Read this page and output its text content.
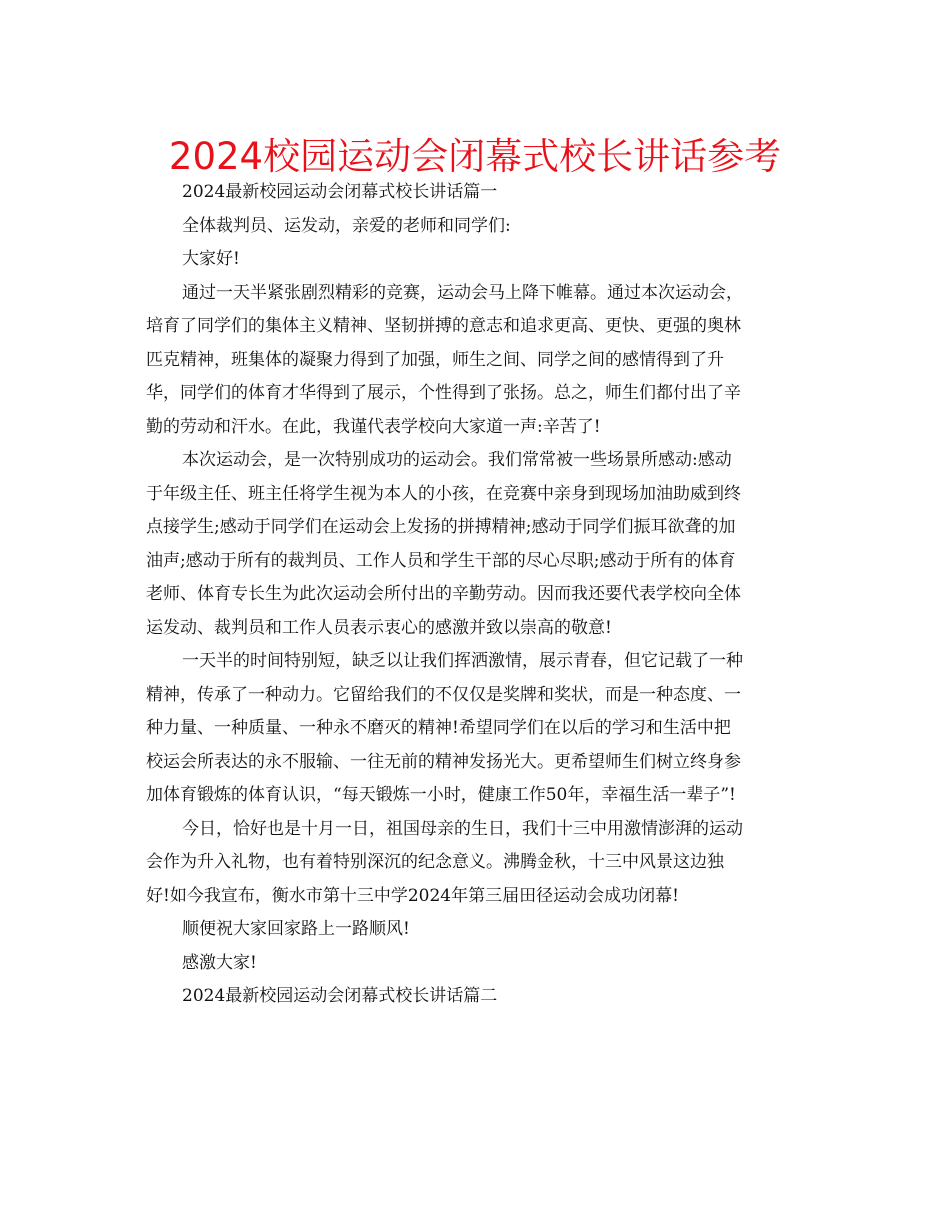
2024校园运动会闭幕式校长讲话参考

2024最新校园运动会闭幕式校长讲话篇一

全体裁判员、运发动，亲爱的老师和同学们:

大家好!

通过一天半紧张剧烈精彩的竞赛，运动会马上降下帷幕。通过本次运动会，

培育了同学们的集体主义精神、坚韧拼搏的意志和追求更高、更快、更强的奥林

匹克精神，班集体的凝聚力得到了加强，师生之间、同学之间的感情得到了升

华，同学们的体育才华得到了展示，个性得到了张扬。总之，师生们都付出了辛

勤的劳动和汗水。在此，我谨代表学校向大家道一声:辛苦了!

本次运动会，是一次特别成功的运动会。我们常常被一些场景所感动:感动

于年级主任、班主任将学生视为本人的小孩，在竞赛中亲身到现场加油助威到终

点接学生;感动于同学们在运动会上发扬的拼搏精神;感动于同学们振耳欲聋的加

油声;感动于所有的裁判员、工作人员和学生干部的尽心尽职;感动于所有的体育

老师、体育专长生为此次运动会所付出的辛勤劳动。因而我还要代表学校向全体

运发动、裁判员和工作人员表示衷心的感激并致以崇高的敬意!

一天半的时间特别短，缺乏以让我们挥洒激情，展示青春，但它记载了一种

精神，传承了一种动力。它留给我们的不仅仅是奖牌和奖状，而是一种态度、一

种力量、一种质量、一种永不磨灭的精神!希望同学们在以后的学习和生活中把

校运会所表达的永不服输、一往无前的精神发扬光大。更希望师生们树立终身参

加体育锻炼的体育认识，“每天锻炼一小时，健康工作50年，幸福生活一辈子”!

今日，恰好也是十月一日，祖国母亲的生日，我们十三中用激情澎湃的运动

会作为升入礼物，也有着特别深沉的纪念意义。沸腾金秋，十三中风景这边独

好!如今我宣布，衡水市第十三中学2024年第三届田径运动会成功闭幕!

顺便祝大家回家路上一路顺风!

感激大家!

2024最新校园运动会闭幕式校长讲话篇二
